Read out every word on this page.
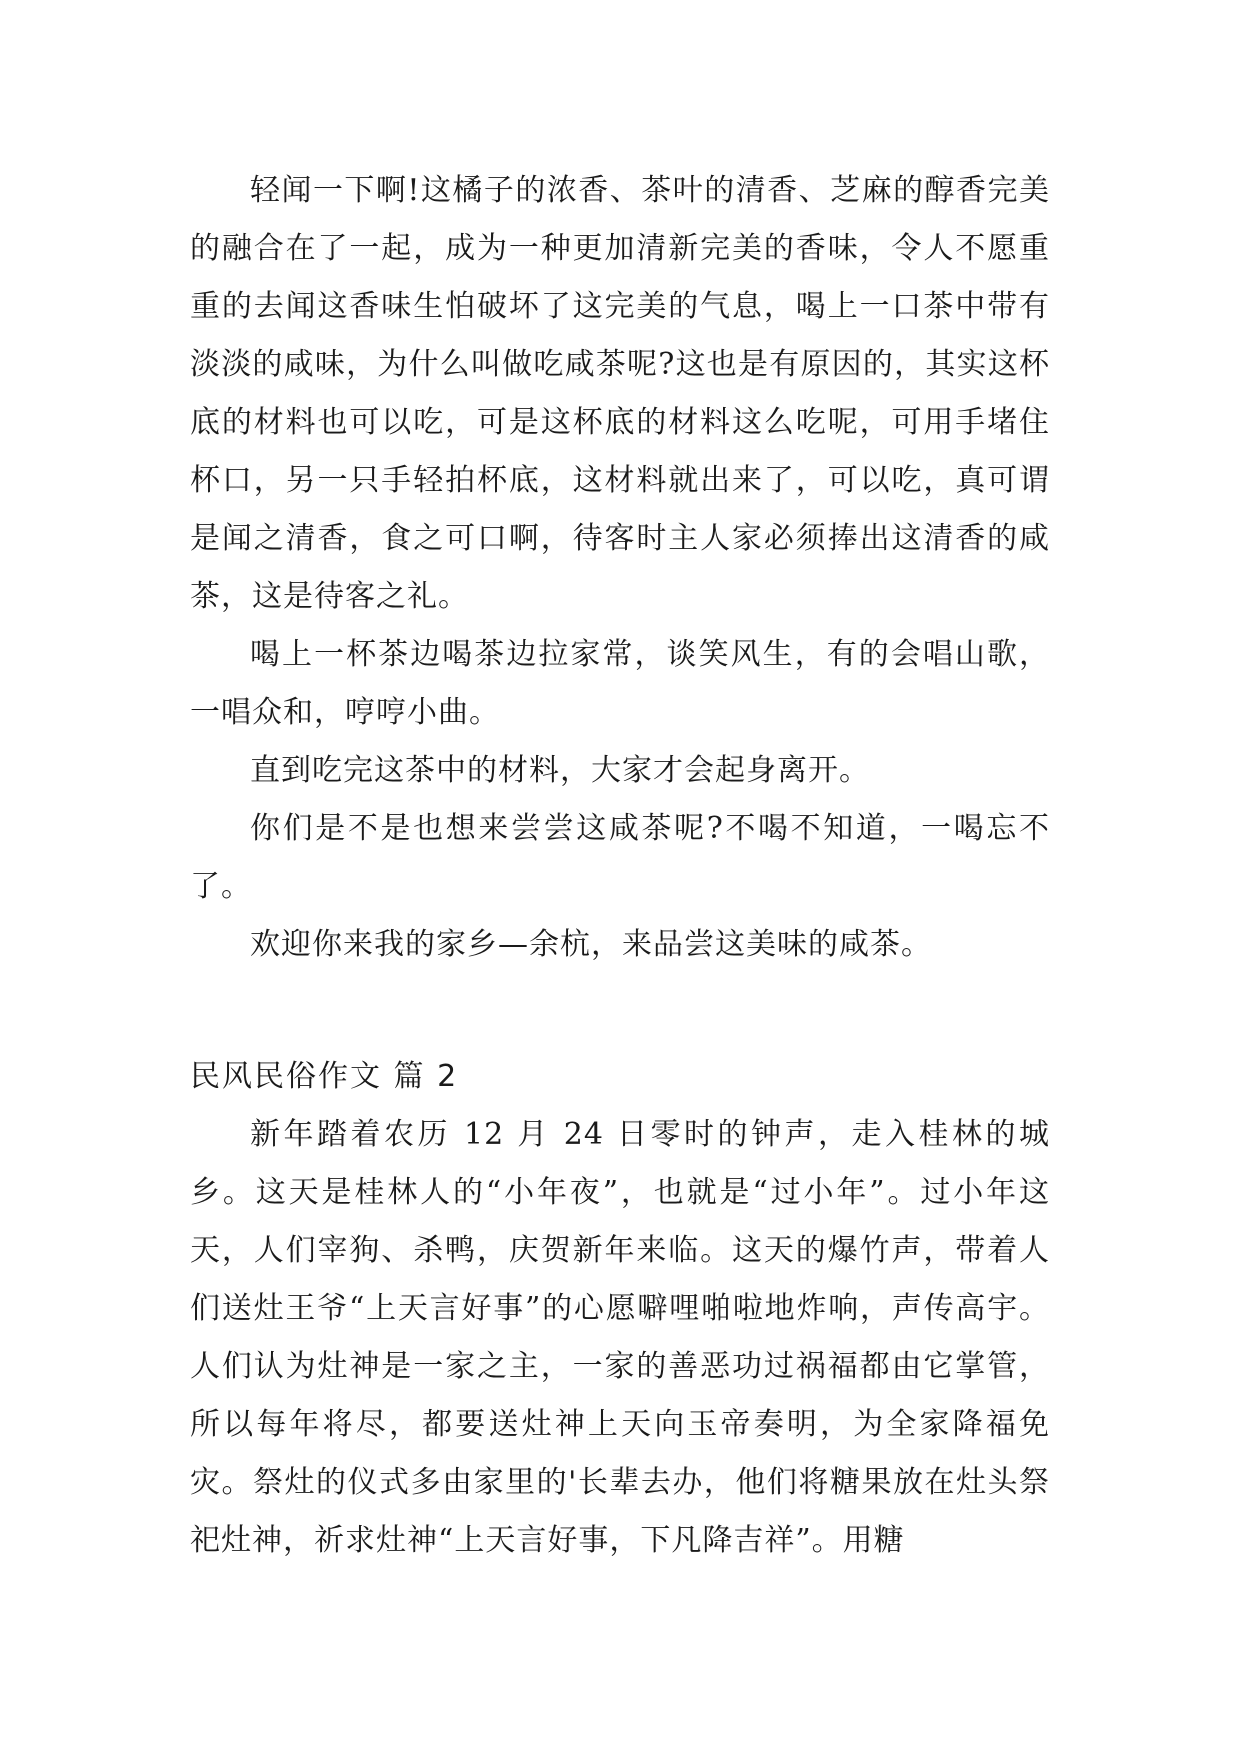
轻闻一下啊!这橘子的浓香、茶叶的清香、芝麻的醇香完美的融合在了一起，成为一种更加清新完美的香味，令人不愿重重的去闻这香味生怕破坏了这完美的气息，喝上一口茶中带有淡淡的咸味，为什么叫做吃咸茶呢?这也是有原因的，其实这杯底的材料也可以吃，可是这杯底的材料这么吃呢，可用手堵住杯口，另一只手轻拍杯底，这材料就出来了，可以吃，真可谓是闻之清香，食之可口啊，待客时主人家必须捧出这清香的咸茶，这是待客之礼。

喝上一杯茶边喝茶边拉家常，谈笑风生，有的会唱山歌，一唱众和，哼哼小曲。

直到吃完这茶中的材料，大家才会起身离开。

你们是不是也想来尝尝这咸茶呢?不喝不知道，一喝忘不了。

欢迎你来我的家乡—余杭，来品尝这美味的咸茶。

民风民俗作文 篇 2

新年踏着农历 12 月 24 日零时的钟声，走入桂林的城乡。这天是桂林人的“小年夜”，也就是“过小年”。过小年这天，人们宰狗、杀鸭，庆贺新年来临。这天的爆竹声，带着人们送灶王爷“上天言好事”的心愿噼哩啪啦地炸响，声传高宇。人们认为灶神是一家之主，一家的善恶功过祸福都由它掌管，所以每年将尽，都要送灶神上天向玉帝奏明，为全家降福免灾。祭灶的仪式多由家里的'长辈去办，他们将糖果放在灶头祭祀灶神，祈求灶神“上天言好事，下凡降吉祥”。用糖
